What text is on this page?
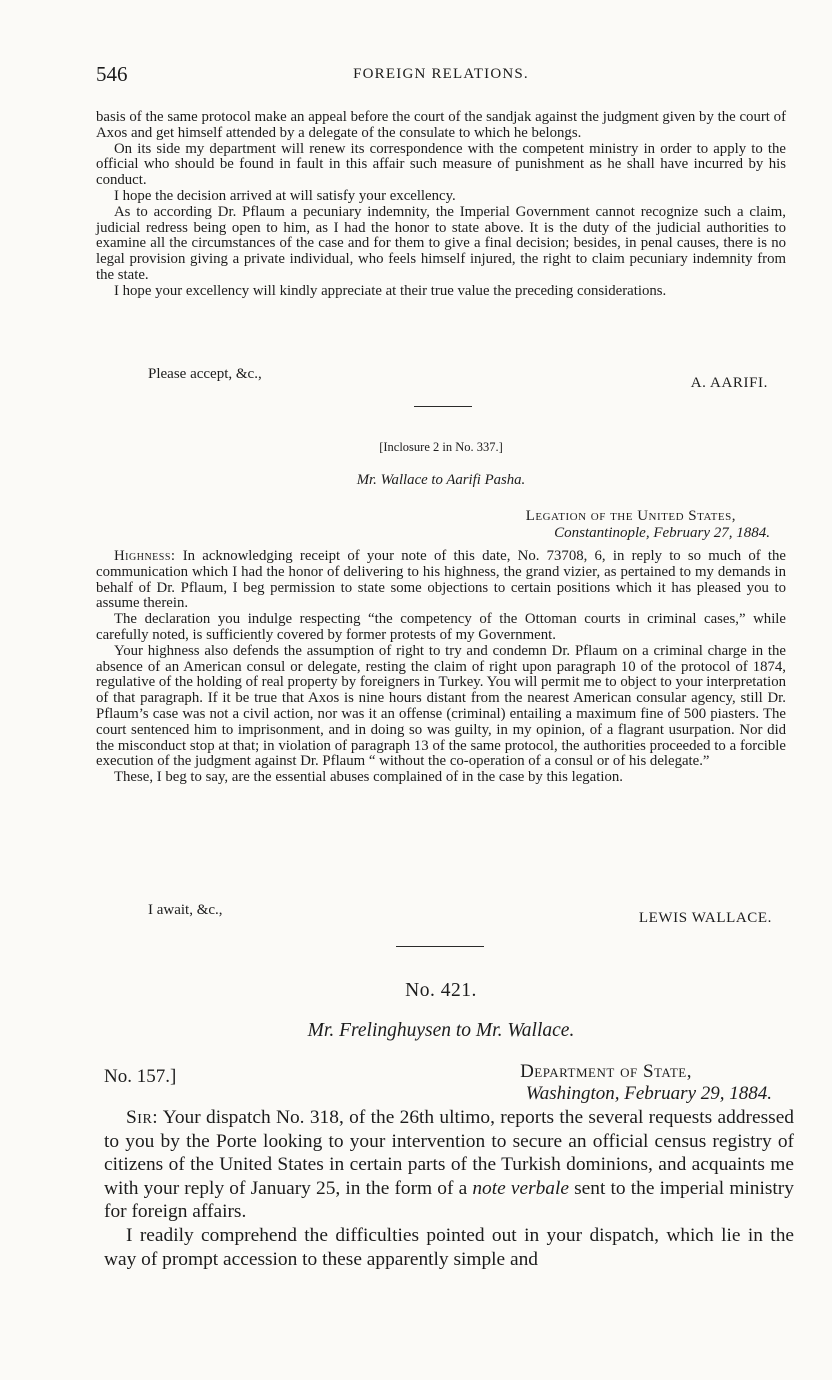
546	FOREIGN RELATIONS.

basis of the same protocol make an appeal before the court of the sandjak against the judgment given by the court of Axos and get himself attended by a delegate of the consulate to which he belongs.

On its side my department will renew its correspondence with the competent ministry in order to apply to the official who should be found in fault in this affair such measure of punishment as he shall have incurred by his conduct.

I hope the decision arrived at will satisfy your excellency.

As to according Dr. Pflaum a pecuniary indemnity, the Imperial Government cannot recognize such a claim, judicial redress being open to him, as I had the honor to state above. It is the duty of the judicial authorities to examine all the circumstances of the case and for them to give a final decision; besides, in penal causes, there is no legal provision giving a private individual, who feels himself injured, the right to claim pecuniary indemnity from the state.

I hope your excellency will kindly appreciate at their true value the preceding considerations.

Please accept, &c.,
A. AARIFI.
[Inclosure 2 in No. 337.]
Mr. Wallace to Aarifi Pasha.
Legation of the United States,
Constantinople, February 27, 1884.

Highness: In acknowledging receipt of your note of this date, No. 73708, 6, in reply to so much of the communication which I had the honor of delivering to his highness, the grand vizier, as pertained to my demands in behalf of Dr. Pflaum, I beg permission to state some objections to certain positions which it has pleased you to assume therein.

The declaration you indulge respecting “the competency of the Ottoman courts in criminal cases,” while carefully noted, is sufficiently covered by former protests of my Government.

Your highness also defends the assumption of right to try and condemn Dr. Pflaum on a criminal charge in the absence of an American consul or delegate, resting the claim of right upon paragraph 10 of the protocol of 1874, regulative of the holding of real property by foreigners in Turkey. You will permit me to object to your interpretation of that paragraph. If it be true that Axos is nine hours distant from the nearest American consular agency, still Dr. Pflaum’s case was not a civil action, nor was it an offense (criminal) entailing a maximum fine of 500 piasters. The court sentenced him to imprisonment, and in doing so was guilty, in my opinion, of a flagrant usurpation. Nor did the misconduct stop at that; in violation of paragraph 13 of the same protocol, the authorities proceeded to a forcible execution of the judgment against Dr. Pflaum “ without the co-operation of a consul or of his delegate.”

These, I beg to say, are the essential abuses complained of in the case by this legation.

I await, &c.,	LEWIS WALLACE.
No. 421.
Mr. Frelinghuysen to Mr. Wallace.
No. 157.]	Department of State,
Washington, February 29, 1884.

Sir: Your dispatch No. 318, of the 26th ultimo, reports the several requests addressed to you by the Porte looking to your intervention to secure an official census registry of citizens of the United States in certain parts of the Turkish dominions, and acquaints me with your reply of January 25, in the form of a note verbale sent to the imperial ministry for foreign affairs.

I readily comprehend the difficulties pointed out in your dispatch, which lie in the way of prompt accession to these apparently simple and
